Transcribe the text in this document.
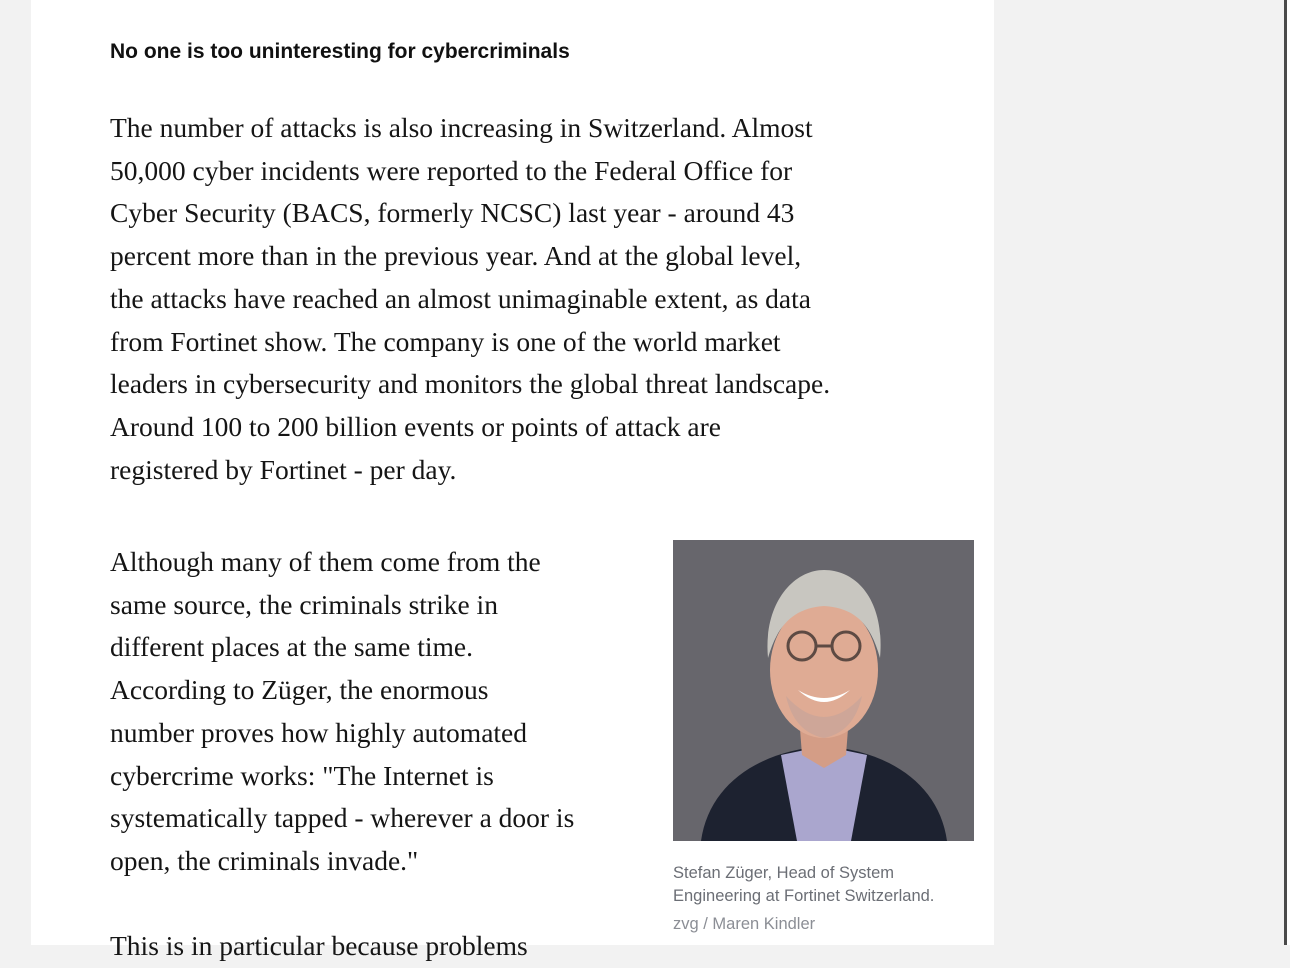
No one is too uninteresting for cybercriminals

The number of attacks is also increasing in Switzerland. Almost
50,000 cyber incidents were reported to the Federal Office for
Cyber Security (BACS, formerly NCSC) last year - around 43
percent more than in the previous year. And at the global level,
the attacks have reached an almost unimaginable extent, as data
from Fortinet show. The company is one of the world market
leaders in cybersecurity and monitors the global threat landscape.
Around 100 to 200 billion events or points of attack are
registered by Fortinet - per day.

Although many of them come from the
same source, the criminals strike in
different places at the same time.
According to Züger, the enormous
number proves how highly automated
cybercrime works: "The Internet is
systematically tapped - wherever a door is
open, the criminals invade."

This is in particular because problems

Stefan Züger, Head of System
Engineering at Fortinet Switzerland.

zvg / Maren Kindler
